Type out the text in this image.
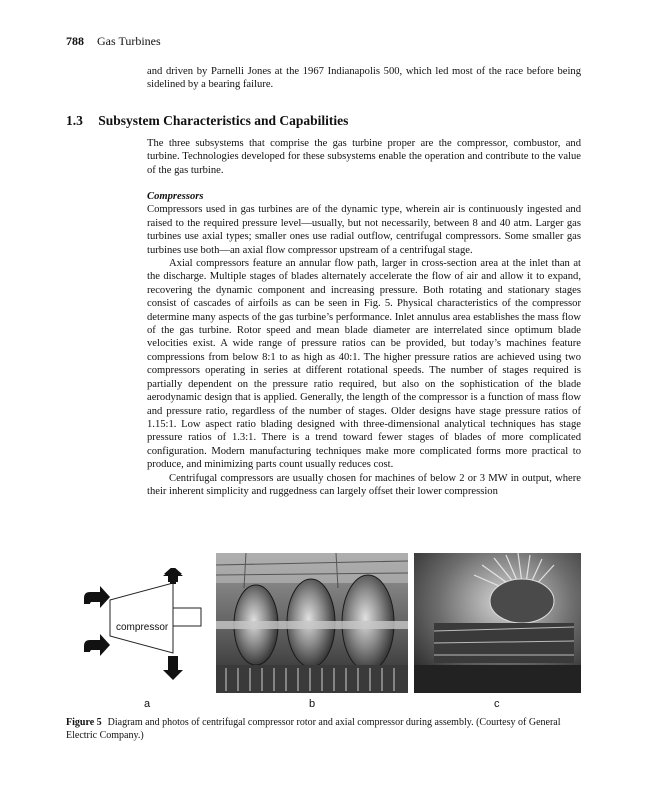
788 Gas Turbines

and driven by Parnelli Jones at the 1967 Indianapolis 500, which led most of the race before being sidelined by a bearing failure.

1.3 Subsystem Characteristics and Capabilities

The three subsystems that comprise the gas turbine proper are the compressor, combustor, and turbine. Technologies developed for these subsystems enable the operation and contribute to the value of the gas turbine.

Compressors

Compressors used in gas turbines are of the dynamic type, wherein air is continuously ingested and raised to the required pressure level—usually, but not necessarily, between 8 and 40 atm. Larger gas turbines use axial types; smaller ones use radial outflow, centrifugal compressors. Some smaller gas turbines use both—an axial flow compressor upstream of a centrifugal stage.

Axial compressors feature an annular flow path, larger in cross-section area at the inlet than at the discharge. Multiple stages of blades alternately accelerate the flow of air and allow it to expand, recovering the dynamic component and increasing pressure. Both rotating and stationary stages consist of cascades of airfoils as can be seen in Fig. 5. Physical characteristics of the compressor determine many aspects of the gas turbine’s performance. Inlet annulus area establishes the mass flow of the gas turbine. Rotor speed and mean blade diameter are interrelated since optimum blade velocities exist. A wide range of pressure ratios can be provided, but today’s machines feature compressions from below 8:1 to as high as 40:1. The higher pressure ratios are achieved using two compressors operating in series at different rotational speeds. The number of stages required is partially dependent on the pressure ratio required, but also on the sophistication of the blade aerodynamic design that is applied. Generally, the length of the compressor is a function of mass flow and pressure ratio, regardless of the number of stages. Older designs have stage pressure ratios of 1.15:1. Low aspect ratio blading designed with three-dimensional analytical techniques has stage pressure ratios of 1.3:1. There is a trend toward fewer stages of blades of more complicated configuration. Modern manufacturing techniques make more complicated forms more practical to produce, and minimizing parts count usually reduces cost.

Centrifugal compressors are usually chosen for machines of below 2 or 3 MW in output, where their inherent simplicity and ruggedness can largely offset their lower compression

compressor
a	b	c
Figure 5 Diagram and photos of centrifugal compressor rotor and axial compressor during assembly. (Courtesy of General Electric Company.)
